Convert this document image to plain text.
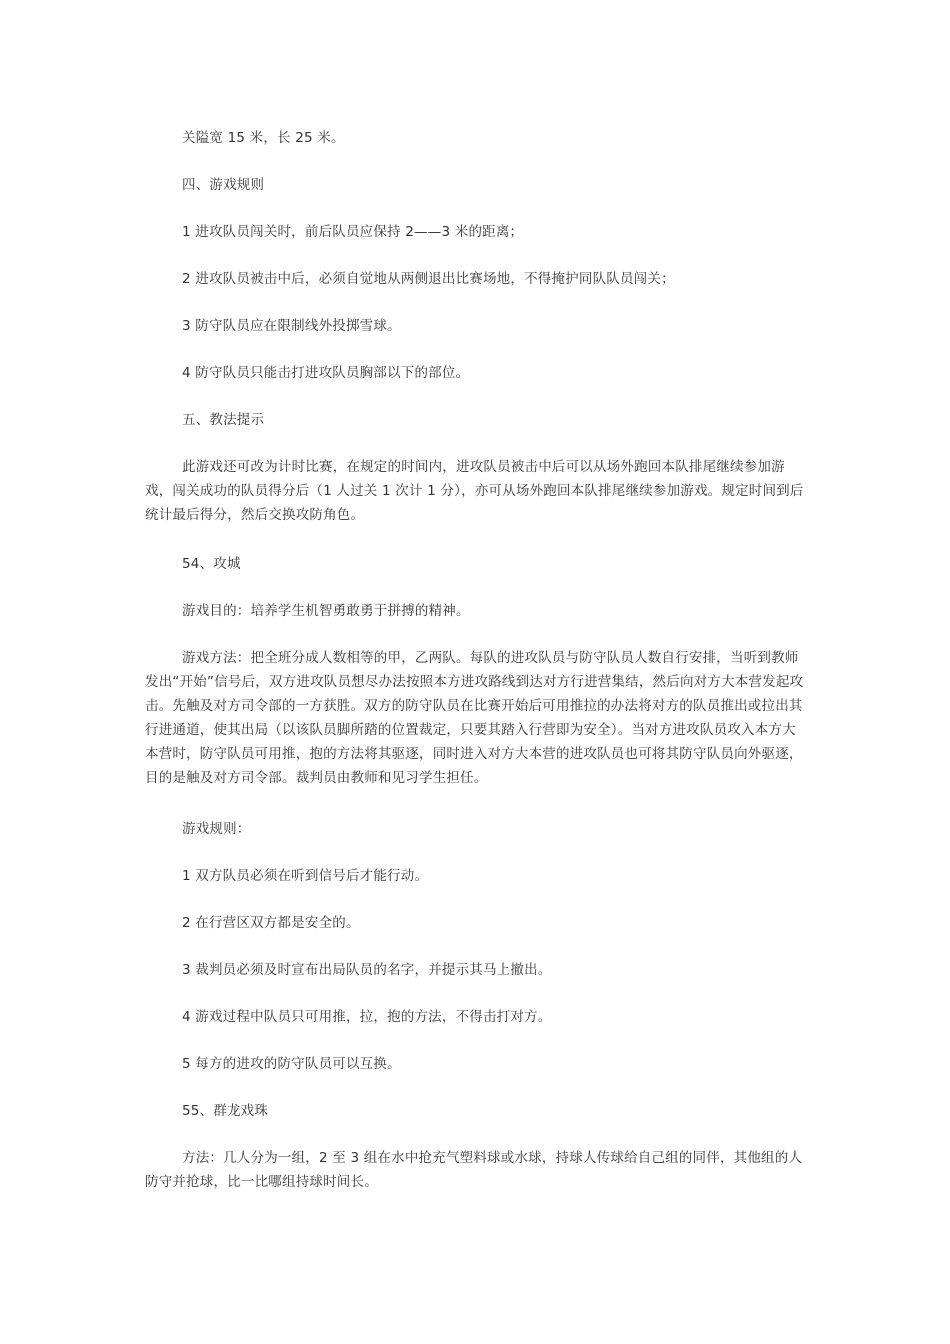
关隘宽 15 米，长 25 米。

四、游戏规则

1 进攻队员闯关时，前后队员应保持 2——3 米的距离；

2 进攻队员被击中后，必须自觉地从两侧退出比赛场地，不得掩护同队队员闯关；

3 防守队员应在限制线外投掷雪球。

4 防守队员只能击打进攻队员胸部以下的部位。

五、教法提示

此游戏还可改为计时比赛，在规定的时间内，进攻队员被击中后可以从场外跑回本队排尾继续参加游戏，闯关成功的队员得分后（1 人过关 1 次计 1 分），亦可从场外跑回本队排尾继续参加游戏。规定时间到后统计最后得分，然后交换攻防角色。

54、攻城

游戏目的：培养学生机智勇敢勇于拼搏的精神。

游戏方法：把全班分成人数相等的甲，乙两队。每队的进攻队员与防守队员人数自行安排，当听到教师发出“开始”信号后，双方进攻队员想尽办法按照本方进攻路线到达对方行进营集结，然后向对方大本营发起攻击。先触及对方司令部的一方获胜。双方的防守队员在比赛开始后可用推拉的办法将对方的队员推出或拉出其行进通道，使其出局（以该队员脚所踏的位置裁定，只要其踏入行营即为安全）。当对方进攻队员攻入本方大本营时，防守队员可用推，抱的方法将其驱逐，同时进入对方大本营的进攻队员也可将其防守队员向外驱逐，目的是触及对方司令部。裁判员由教师和见习学生担任。

游戏规则：

1 双方队员必须在听到信号后才能行动。

2 在行营区双方都是安全的。

3 裁判员必须及时宣布出局队员的名字，并提示其马上撤出。

4 游戏过程中队员只可用推，拉，抱的方法，不得击打对方。

5 每方的进攻的防守队员可以互换。

55、群龙戏珠

方法：几人分为一组，2 至 3 组在水中抢充气塑料球或水球，持球人传球给自己组的同伴，其他组的人防守并抢球，比一比哪组持球时间长。
